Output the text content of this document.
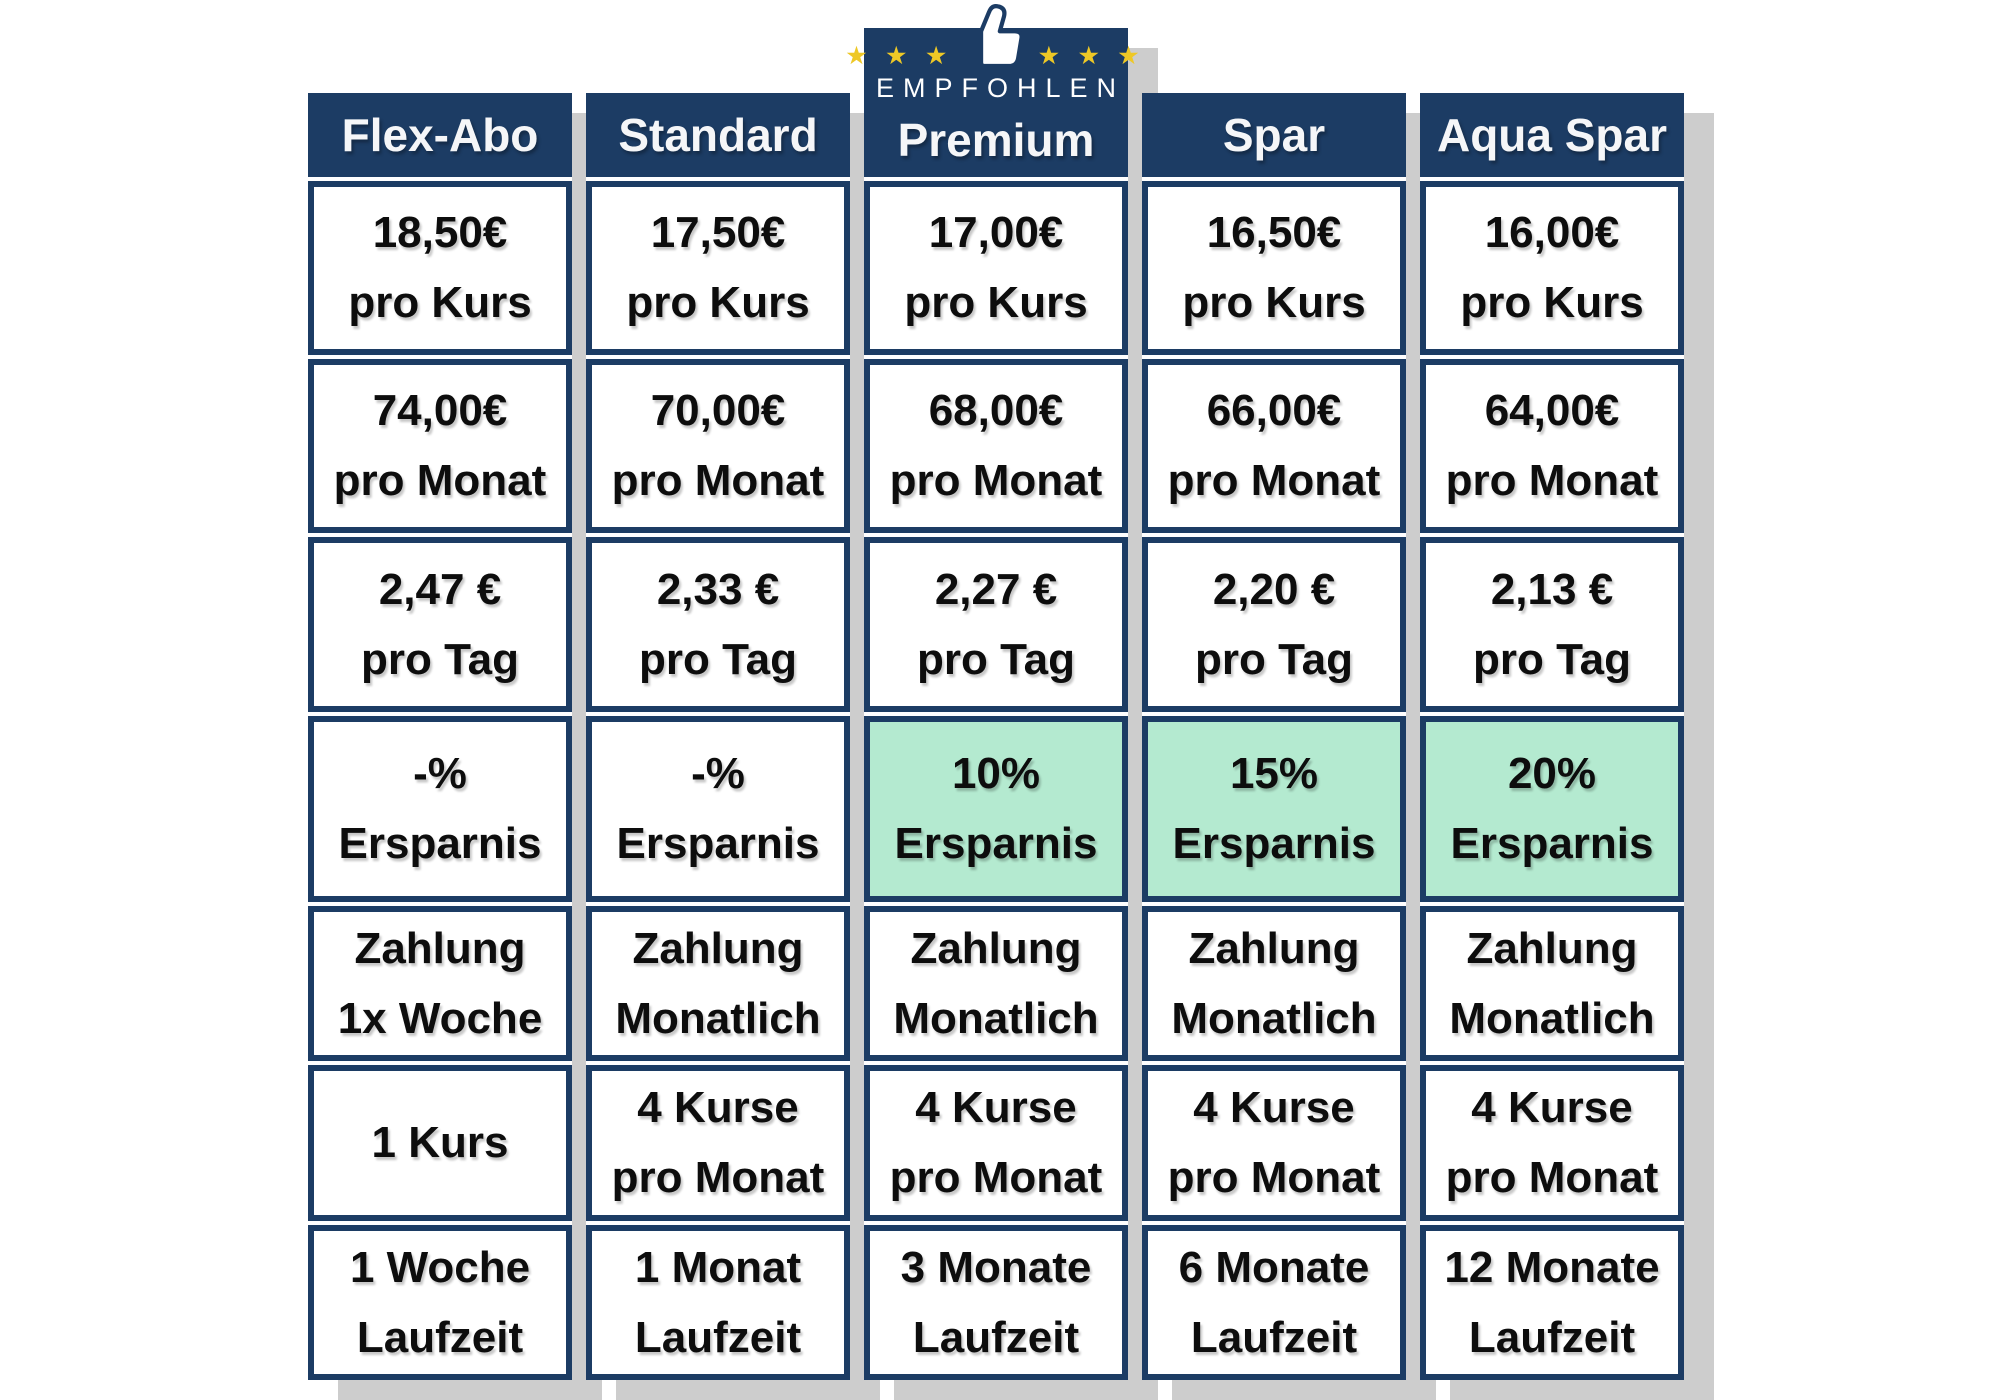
Flex-Abo
18,50€
pro Kurs
74,00€
pro Monat
2,47 €
pro Tag
-%
Ersparnis
Zahlung
1x Woche
1 Kurs
1 Woche
Laufzeit
Standard
17,50€
pro Kurs
70,00€
pro Monat
2,33 €
pro Tag
-%
Ersparnis
Zahlung
Monatlich
4 Kurse
pro Monat
1 Monat
Laufzeit
★ ★ ★	★ ★ ★
EMPFOHLEN
Premium
17,00€
pro Kurs
68,00€
pro Monat
2,27 €
pro Tag
10%
Ersparnis
Zahlung
Monatlich
4 Kurse
pro Monat
3 Monate
Laufzeit
Spar
16,50€
pro Kurs
66,00€
pro Monat
2,20 €
pro Tag
15%
Ersparnis
Zahlung
Monatlich
4 Kurse
pro Monat
6 Monate
Laufzeit
Aqua Spar
16,00€
pro Kurs
64,00€
pro Monat
2,13 €
pro Tag
20%
Ersparnis
Zahlung
Monatlich
4 Kurse
pro Monat
12 Monate
Laufzeit
